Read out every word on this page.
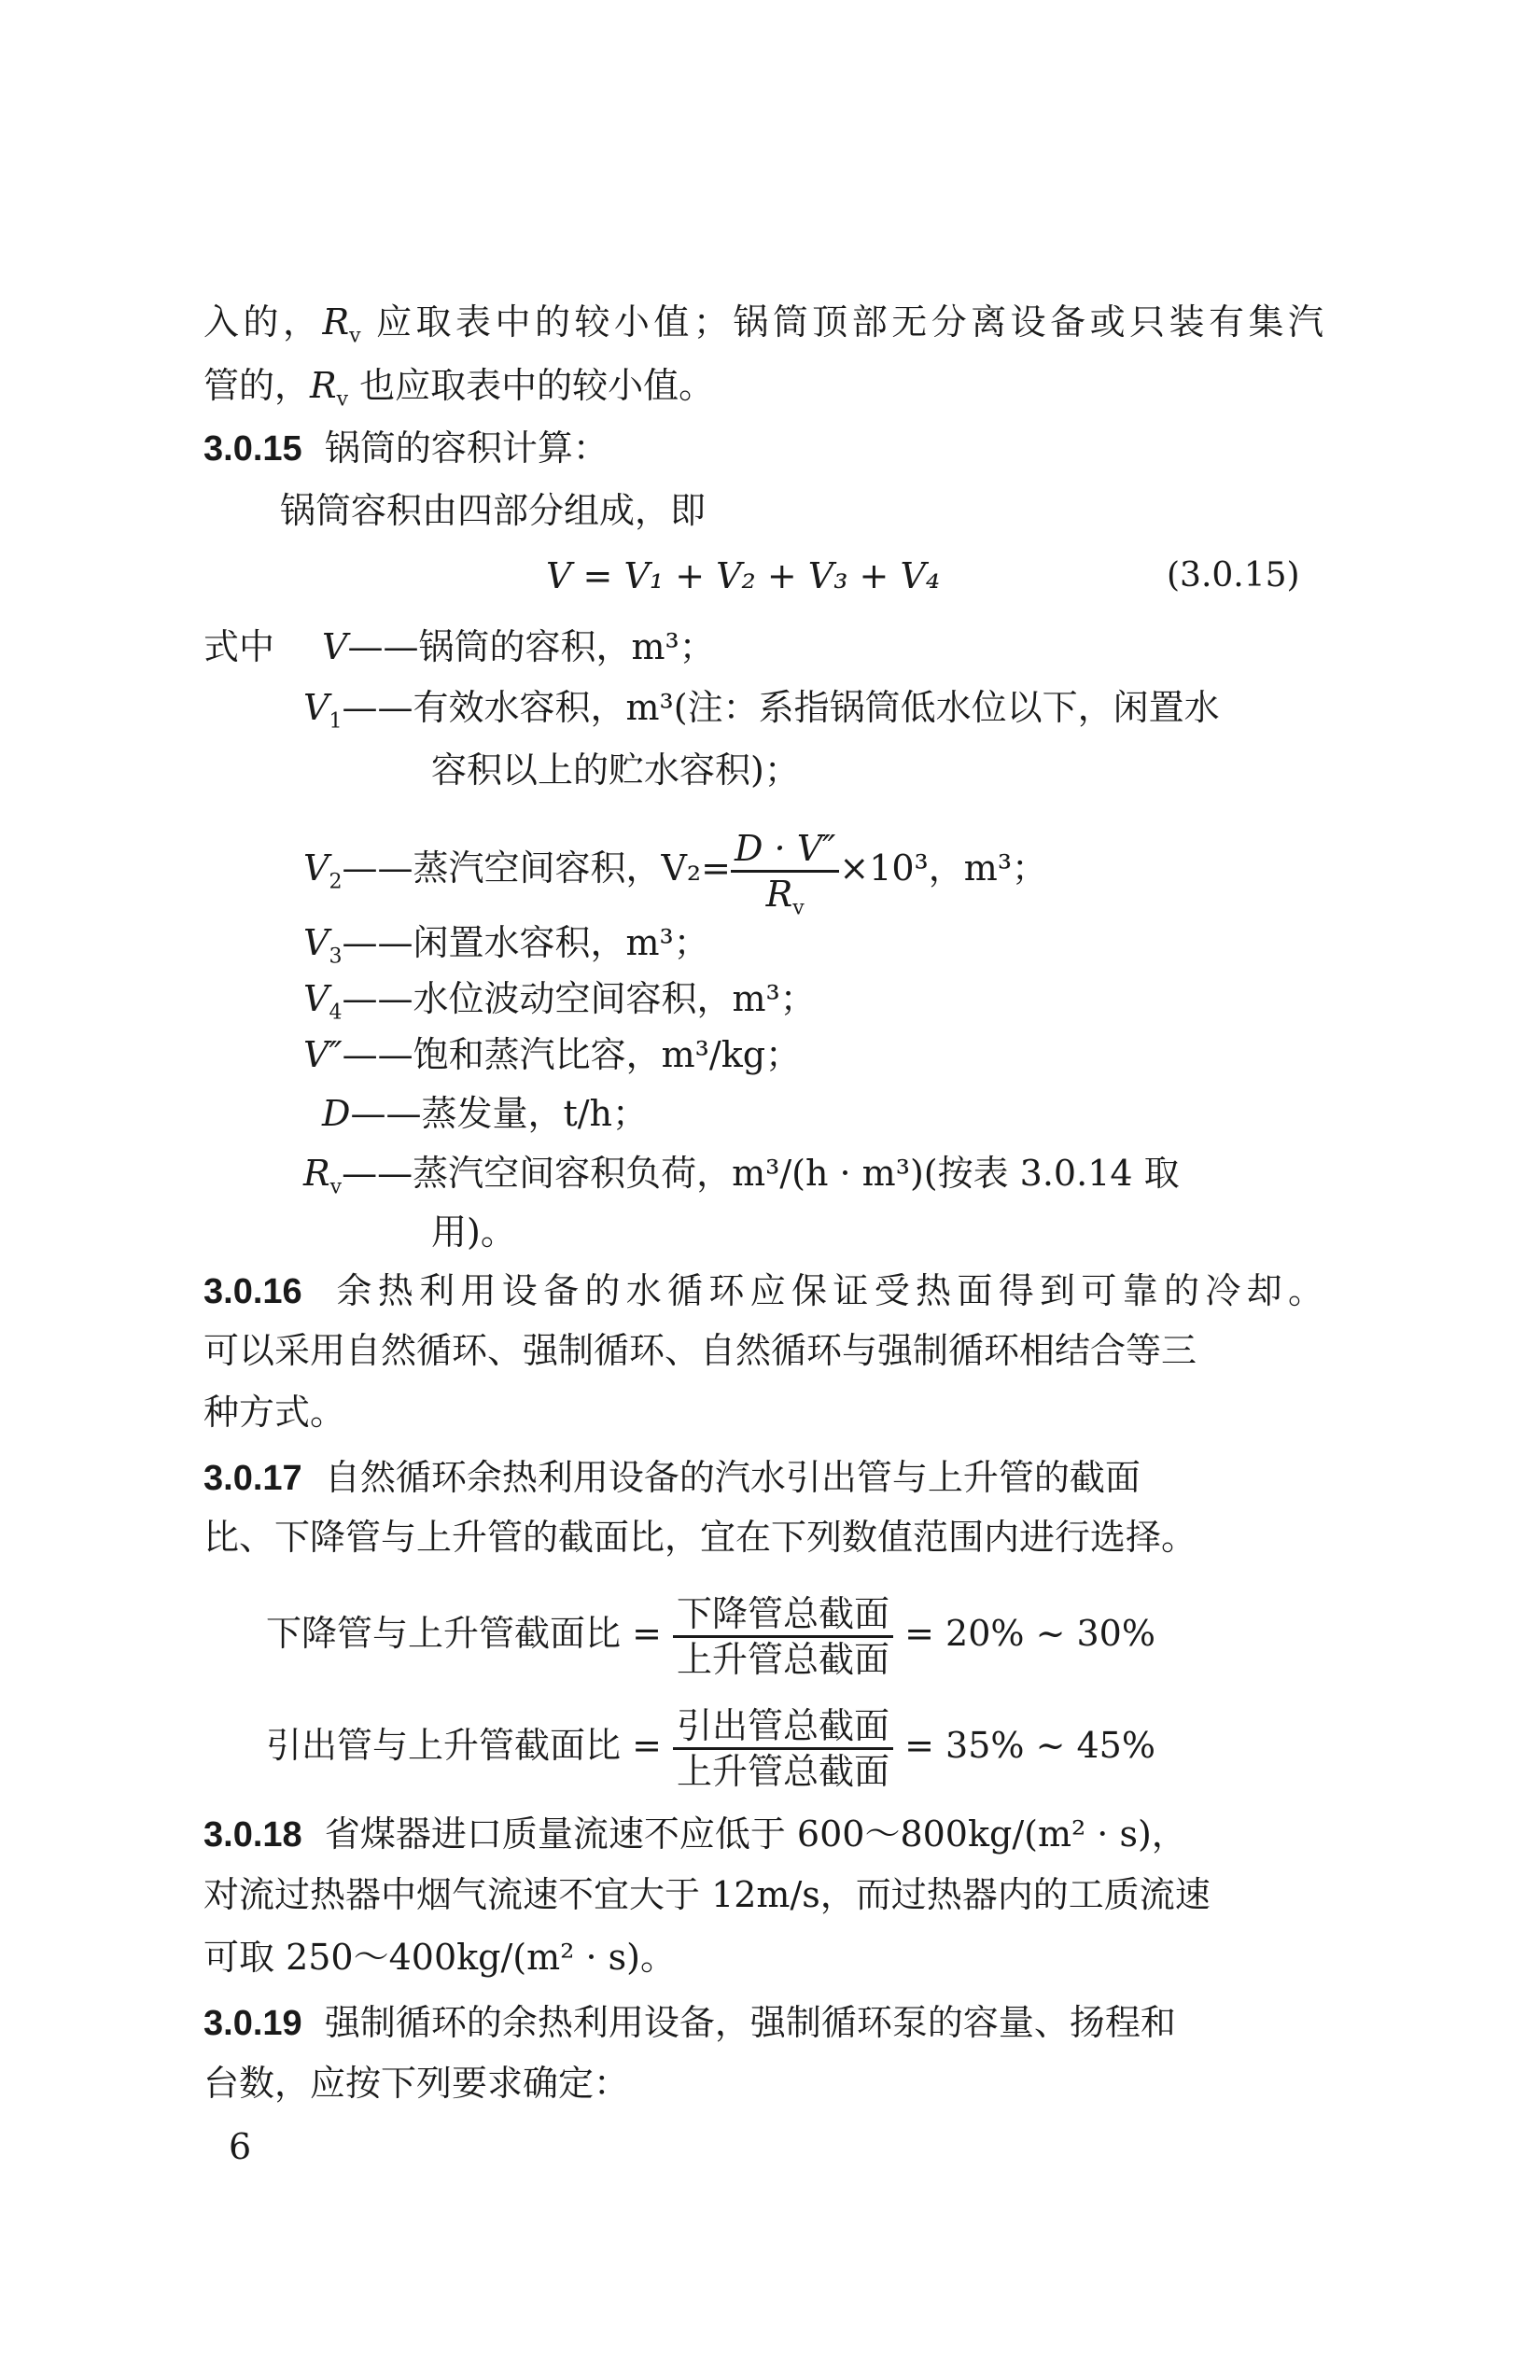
入的，$R_v$ 应取表中的较小值；锅筒顶部无分离设备或只装有集汽
管的，$R_v$ 也应取表中的较小值。
3.0.15 锅筒的容积计算：
锅筒容积由四部分组成，即
V = V₁ + V₂ + V₃ + V₄	(3.0.15)
式中 V——锅筒的容积，m³；
$V_1——$有效水容积，m³(注：系指锅筒低水位以下，闲置水
容积以上的贮水容积)；
$V_2——$蒸汽空间容积，$V_2= \frac{D \cdot V''}{R_v} \times 10^3$，m³；
$V_3——$闲置水容积，m³；
$V_4——$水位波动空间容积，m³；
V″——饱和蒸汽比容，m³/kg；
D——蒸发量，t/h；
$R_v——$蒸汽空间容积负荷，m³/(h · m³)(按表 3.0.14 取
用)。
3.0.16 余热利用设备的水循环应保证受热面得到可靠的冷却。
可以采用自然循环、强制循环、自然循环与强制循环相结合等三
种方式。
3.0.17 自然循环余热利用设备的汽水引出管与上升管的截面
比、下降管与上升管的截面比，宜在下列数值范围内进行选择。
下降管与上升管截面比 = $\frac{\text{下降管总截面}}{\text{上升管总截面}} = 20\%$ ~ 30%
引出管与上升管截面比 = $\frac{\text{引出管总截面}}{\text{上升管总截面}} = 35\%$ ~ 45%
3.0.18 省煤器进口质量流速不应低于 600～800kg/(m² · s)，
对流过热器中烟气流速不宜大于 12m/s，而过热器内的工质流速
可取 250～400kg/(m² · s)。
3.0.19 强制循环的余热利用设备，强制循环泵的容量、扬程和
台数，应按下列要求确定：
6
